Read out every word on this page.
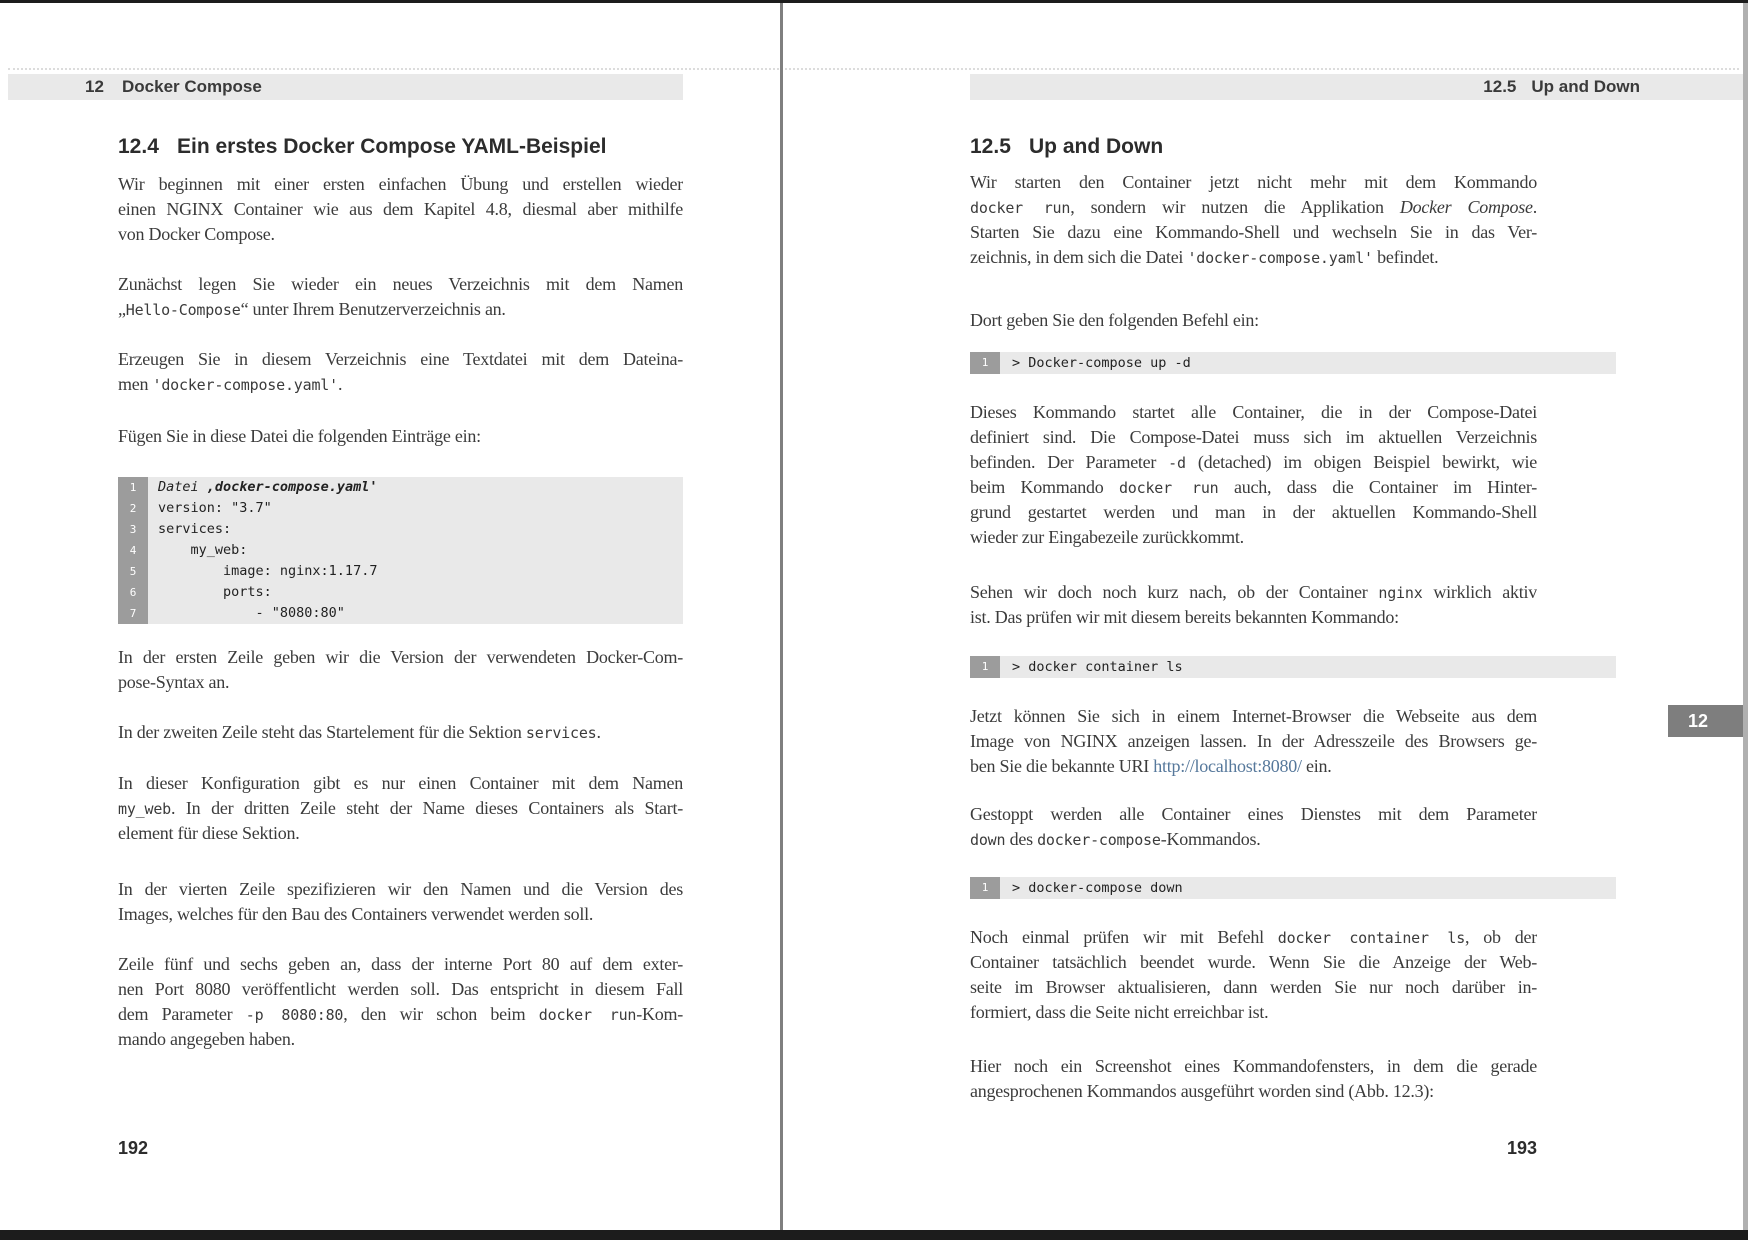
12 Docker Compose
12.4 Ein erstes Docker Compose YAML-Beispiel
Wir beginnen mit einer ersten einfachen Übung und erstellen wieder
einen NGINX Container wie aus dem Kapitel 4.8, diesmal aber mithilfe
von Docker Compose.
Zunächst legen Sie wieder ein neues Verzeichnis mit dem Namen
„Hello-Compose“ unter Ihrem Benutzerverzeichnis an.
Erzeugen Sie in diesem Verzeichnis eine Textdatei mit dem Dateina-
men 'docker-compose.yaml'.
Fügen Sie in diese Datei die folgenden Einträge ein:
1	Datei ‚docker-compose.yaml'
2	version: "3.7"
3	services:
4	my_web:
5	image: nginx:1.17.7
6	ports:
7	- "8080:80"
In der ersten Zeile geben wir die Version der verwendeten Docker-Com-
pose-Syntax an.
In der zweiten Zeile steht das Startelement für die Sektion services.
In dieser Konfiguration gibt es nur einen Container mit dem Namen
my_web. In der dritten Zeile steht der Name dieses Containers als Start-
element für diese Sektion.
In der vierten Zeile spezifizieren wir den Namen und die Version des
Images, welches für den Bau des Containers verwendet werden soll.
Zeile fünf und sechs geben an, dass der interne Port 80 auf dem exter-
nen Port 8080 veröffentlicht werden soll. Das entspricht in diesem Fall
dem Parameter -p 8080:80, den wir schon beim docker run-Kom-
mando angegeben haben.
192
12.5 Up and Down
12.5 Up and Down
Wir starten den Container jetzt nicht mehr mit dem Kommando
docker run, sondern wir nutzen die Applikation Docker Compose.
Starten Sie dazu eine Kommando-Shell und wechseln Sie in das Ver-
zeichnis, in dem sich die Datei 'docker-compose.yaml' befindet.
Dort geben Sie den folgenden Befehl ein:
1	> Docker-compose up -d
Dieses Kommando startet alle Container, die in der Compose-Datei
definiert sind. Die Compose-Datei muss sich im aktuellen Verzeichnis
befinden. Der Parameter -d (detached) im obigen Beispiel bewirkt, wie
beim Kommando docker run auch, dass die Container im Hinter-
grund gestartet werden und man in der aktuellen Kommando-Shell
wieder zur Eingabezeile zurückkommt.
Sehen wir doch noch kurz nach, ob der Container nginx wirklich aktiv
ist. Das prüfen wir mit diesem bereits bekannten Kommando:
1	> docker container ls
Jetzt können Sie sich in einem Internet-Browser die Webseite aus dem
Image von NGINX anzeigen lassen. In der Adresszeile des Browsers ge-
ben Sie die bekannte URI http://localhost:8080/ ein.
Gestoppt werden alle Container eines Dienstes mit dem Parameter
down des docker-compose-Kommandos.
1	> docker-compose down
Noch einmal prüfen wir mit Befehl docker container ls, ob der
Container tatsächlich beendet wurde. Wenn Sie die Anzeige der Web-
seite im Browser aktualisieren, dann werden Sie nur noch darüber in-
formiert, dass die Seite nicht erreichbar ist.
Hier noch ein Screenshot eines Kommandofensters, in dem die gerade
angesprochenen Kommandos ausgeführt worden sind (Abb. 12.3):
12
193
